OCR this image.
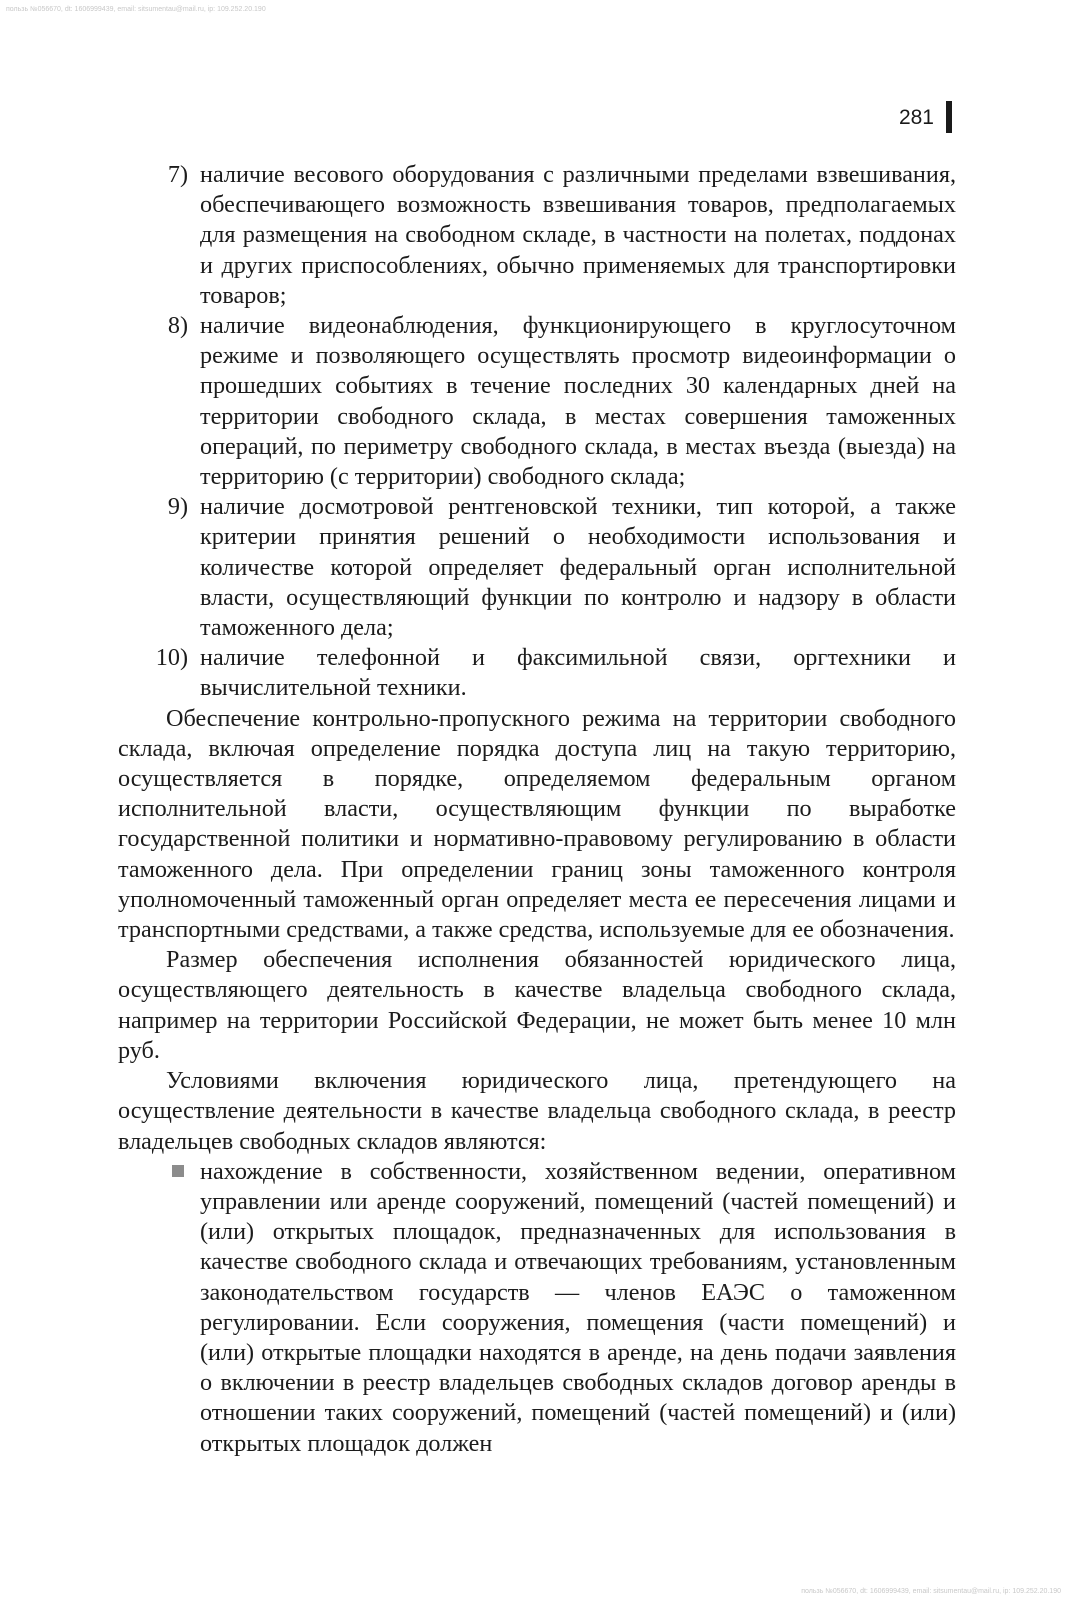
пользь №056670, dt: 1606999439, email: sitsumentau@mail.ru, ip: 109.252.20.190
281
7) наличие весового оборудования с различными пределами взвешивания, обеспечивающего возможность взвешивания товаров, предполагаемых для размещения на свободном складе, в частности на полетах, поддонах и других приспособлениях, обычно применяемых для транспортировки товаров;
8) наличие видеонаблюдения, функционирующего в круглосуточном режиме и позволяющего осуществлять просмотр видеоинформации о прошедших событиях в течение последних 30 календарных дней на территории свободного склада, в местах совершения таможенных операций, по периметру свободного склада, в местах въезда (выезда) на территорию (с территории) свободного склада;
9) наличие досмотровой рентгеновской техники, тип которой, а также критерии принятия решений о необходимости использования и количестве которой определяет федеральный орган исполнительной власти, осуществляющий функции по контролю и надзору в области таможенного дела;
10) наличие телефонной и факсимильной связи, оргтехники и вычислительной техники.

Обеспечение контрольно-пропускного режима на территории свободного склада, включая определение порядка доступа лиц на такую территорию, осуществляется в порядке, определяемом федеральным органом исполнительной власти, осуществляющим функции по выработке государственной политики и нормативно-правовому регулированию в области таможенного дела. При определении границ зоны таможенного контроля уполномоченный таможенный орган определяет места ее пересечения лицами и транспортными средствами, а также средства, используемые для ее обозначения.

Размер обеспечения исполнения обязанностей юридического лица, осуществляющего деятельность в качестве владельца свободного склада, например на территории Российской Федерации, не может быть менее 10 млн руб.

Условиями включения юридического лица, претендующего на осуществление деятельности в качестве владельца свободного склада, в реестр владельцев свободных складов являются:

нахождение в собственности, хозяйственном ведении, оперативном управлении или аренде сооружений, помещений (частей помещений) и (или) открытых площадок, предназначенных для использования в качестве свободного склада и отвечающих требованиям, установленным законодательством государств — членов ЕАЭС о таможенном регулировании. Если сооружения, помещения (части помещений) и (или) открытые площадки находятся в аренде, на день подачи заявления о включении в реестр владельцев свободных складов договор аренды в отношении таких сооружений, помещений (частей помещений) и (или) открытых площадок должен
пользь №056670, dt: 1606999439, email: sitsumentau@mail.ru, ip: 109.252.20.190
